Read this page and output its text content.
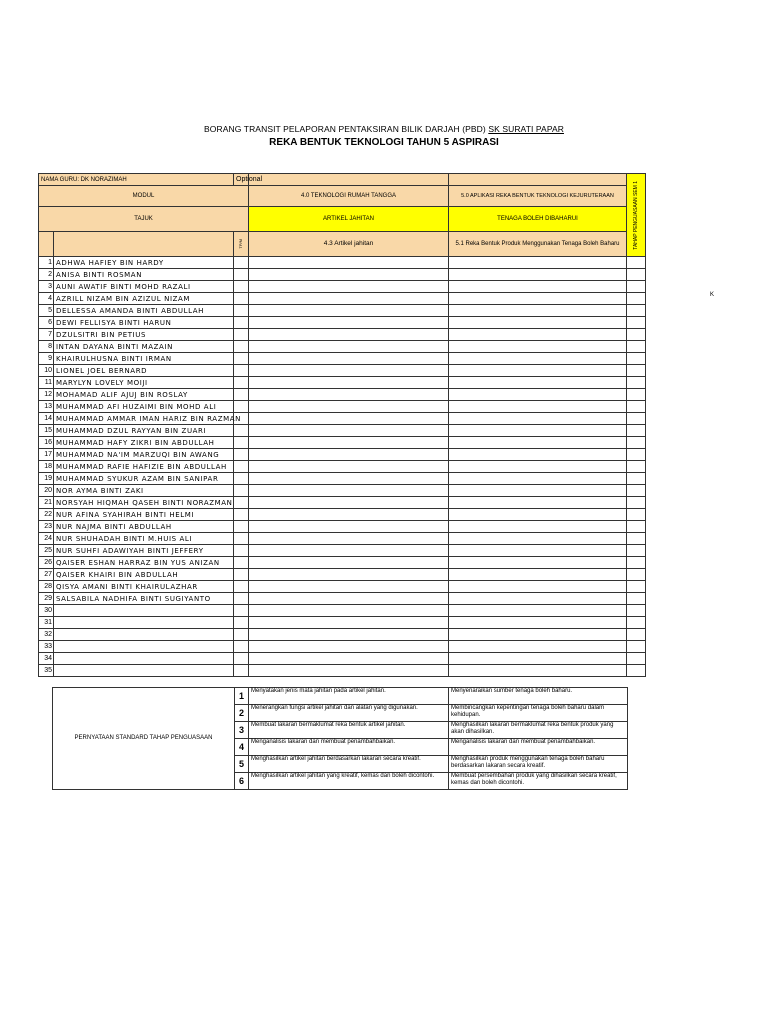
BORANG TRANSIT PELAPORAN PENTAKSIRAN BILIK DARJAH (PBD) SK SURATI PAPAR
REKA BENTUK TEKNOLOGI TAHUN 5 ASPIRASI
NAMA GURU: DK NORAZIMAH		Optional			TAHAP PENGUASAAN SEM 1

MODUL			4.0 TEKNOLOGI RUMAH TANGGA	5.0 APLIKASI REKA BENTUK TEKNOLOGI KEJURUTERAAN	
TAJUK			ARTIKEL JAHITAN	TENAGA BOLEH DIBAHARUI	

		TP/M	4.3 Artikel jahitan	5.1 Reka Bentuk Produk Menggunakan Tenaga Boleh Baharu	
1	ADHWA HAFIEY BIN HARDY				
2	ANISA BINTI ROSMAN				
3	AUNI AWATIF BINTI MOHD RAZALI				
4	AZRILL NIZAM BIN AZIZUL NIZAM				
5	DELLESSA AMANDA BINTI ABDULLAH				
6	DEWI FELLISYA BINTI HARUN				
7	DZULSITRI BIN PETIUS				
8	INTAN DAYANA BINTI MAZAIN				
9	KHAIRULHUSNA BINTI IRMAN				
10	LIONEL JOEL BERNARD				
11	MARYLYN LOVELY MOIJI				
12	MOHAMAD ALIF AJUJ BIN ROSLAY				
13	MUHAMMAD AFI HUZAIMI BIN MOHD ALI				
14	MUHAMMAD AMMAR IMAN HARIZ BIN RAZMAN				
15	MUHAMMAD DZUL RAYYAN BIN ZUARI				
16	MUHAMMAD HAFY ZIKRI BIN ABDULLAH				
17	MUHAMMAD NA'IM MARZUQI BIN AWANG				
18	MUHAMMAD RAFIE HAFIZIE BIN ABDULLAH				
19	MUHAMMAD SYUKUR AZAM BIN SANIPAR				
20	NOR AYMA BINTI ZAKI				
21	NORSYAH HIQMAH QASEH BINTI NORAZMAN				
22	NUR AFINA SYAHIRAH BINTI HELMI				
23	NUR NAJMA BINTI ABDULLAH				
24	NUR SHUHADAH BINTI M.HUIS ALI				
25	NUR SUHFI ADAWIYAH BINTI JEFFERY				
26	QAISER ESHAN HARRAZ BIN YUS ANIZAN				
27	QAISER KHAIRI BIN ABDULLAH				
28	QISYA AMANI BINTI KHAIRULAZHAR				
29	SALSABILA NADHIFA BINTI SUGIYANTO				
30					
31					
32					
33					
34					
35					
K
PERNYATAAN STANDARD TAHAP PENGUASAAN	1	Menyatakan jenis mata jahitan pada artikel jahitan.	Menyenaraikan sumber tenaga boleh baharu.
	2	Menerangkan fungsi artikel jahitan dan alatan yang digunakan.	Membincangkan kepentingan tenaga boleh baharu dalam kehidupan.
	3	Membuat lakaran bermaklumat reka bentuk artikel jahitan.	Menghasilkan lakaran bermaklumat reka bentuk produk yang akan dihasilkan.
	4	Menganalisis lakaran dan membuat penambahbaikan.	Menganalisis lakaran dan membuat penambahbaikan.
	5	Menghasilkan artikel jahitan berdasarkan lakaran secara kreatif.	Menghasilkan produk menggunakan tenaga boleh baharu berdasarkan lakaran secara kreatif.
	6	Menghasilkan artikel jahitan yang kreatif, kemas dan boleh dicontohi.	Membuat persembahan produk yang dihasilkan secara kreatif, kemas dan boleh dicontohi.
